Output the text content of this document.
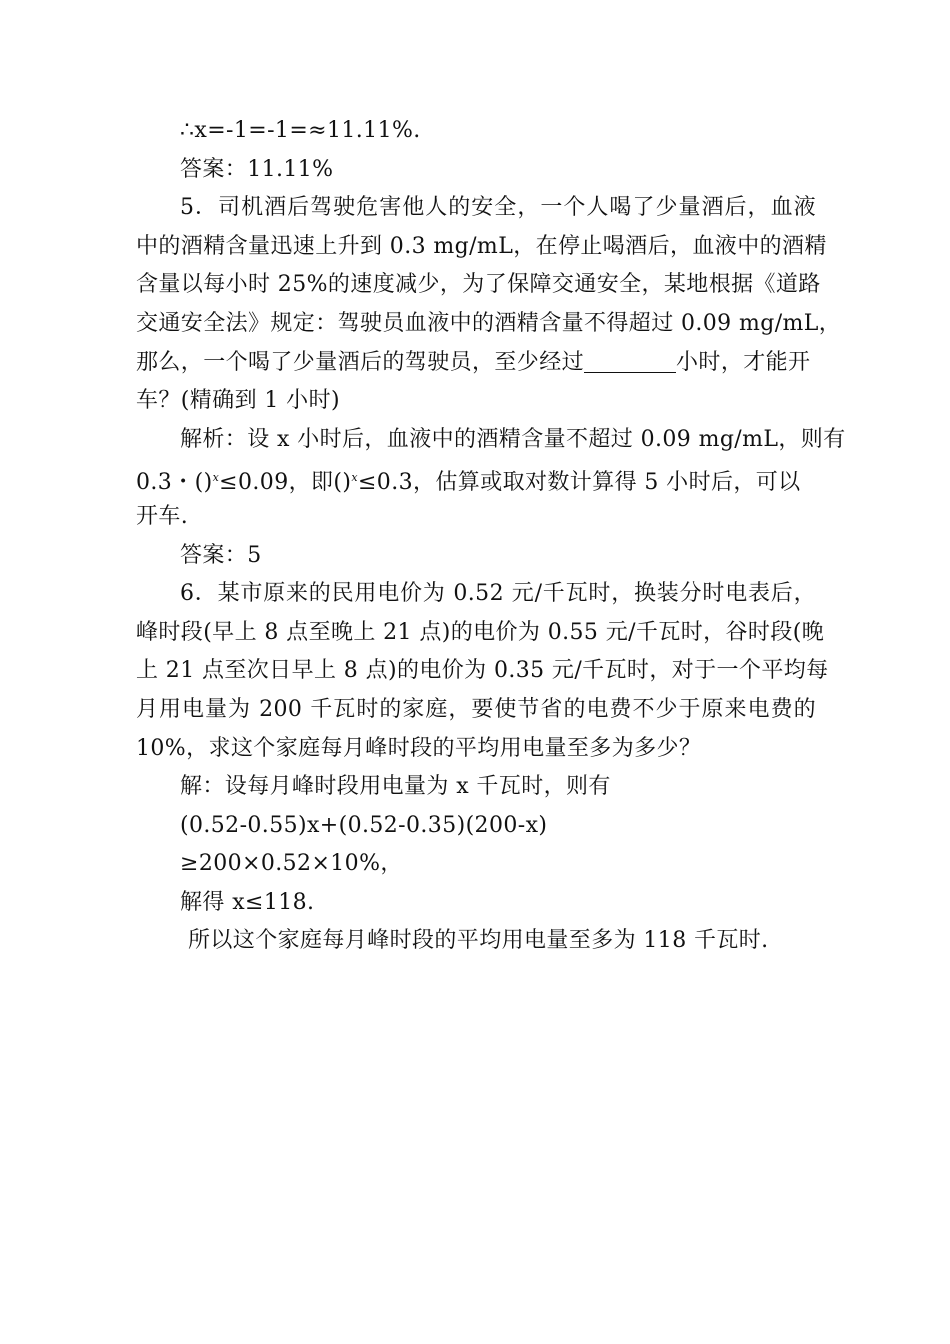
∴x=-1=-1=≈11.11%.
答案：11.11%
5．司机酒后驾驶危害他人的安全，一个人喝了少量酒后，血液
中的酒精含量迅速上升到 0.3 mg/mL，在停止喝酒后，血液中的酒精
含量以每小时 25%的速度减少，为了保障交通安全，某地根据《道路
交通安全法》规定：驾驶员血液中的酒精含量不得超过 0.09 mg/mL，
那么，一个喝了少量酒后的驾驶员，至少经过	小时，才能开
车？(精确到 1 小时)
解析：设 x 小时后，血液中的酒精含量不超过 0.09 mg/mL，则有
0.3・()$^x$≤0.09，即()$^x$≤0.3，估算或取对数计算得 5 小时后，可以
开车.
答案：5
6．某市原来的民用电价为 0.52 元/千瓦时，换装分时电表后，
峰时段(早上 8 点至晚上 21 点)的电价为 0.55 元/千瓦时，谷时段(晚
上 21 点至次日早上 8 点)的电价为 0.35 元/千瓦时，对于一个平均每
月用电量为 200 千瓦时的家庭，要使节省的电费不少于原来电费的
10%，求这个家庭每月峰时段的平均用电量至多为多少？
解：设每月峰时段用电量为 x 千瓦时，则有
(0.52-0.55)x+(0.52-0.35)(200-x)
≥200×0.52×10%，
解得 x≤118.
所以这个家庭每月峰时段的平均用电量至多为 118 千瓦时.
